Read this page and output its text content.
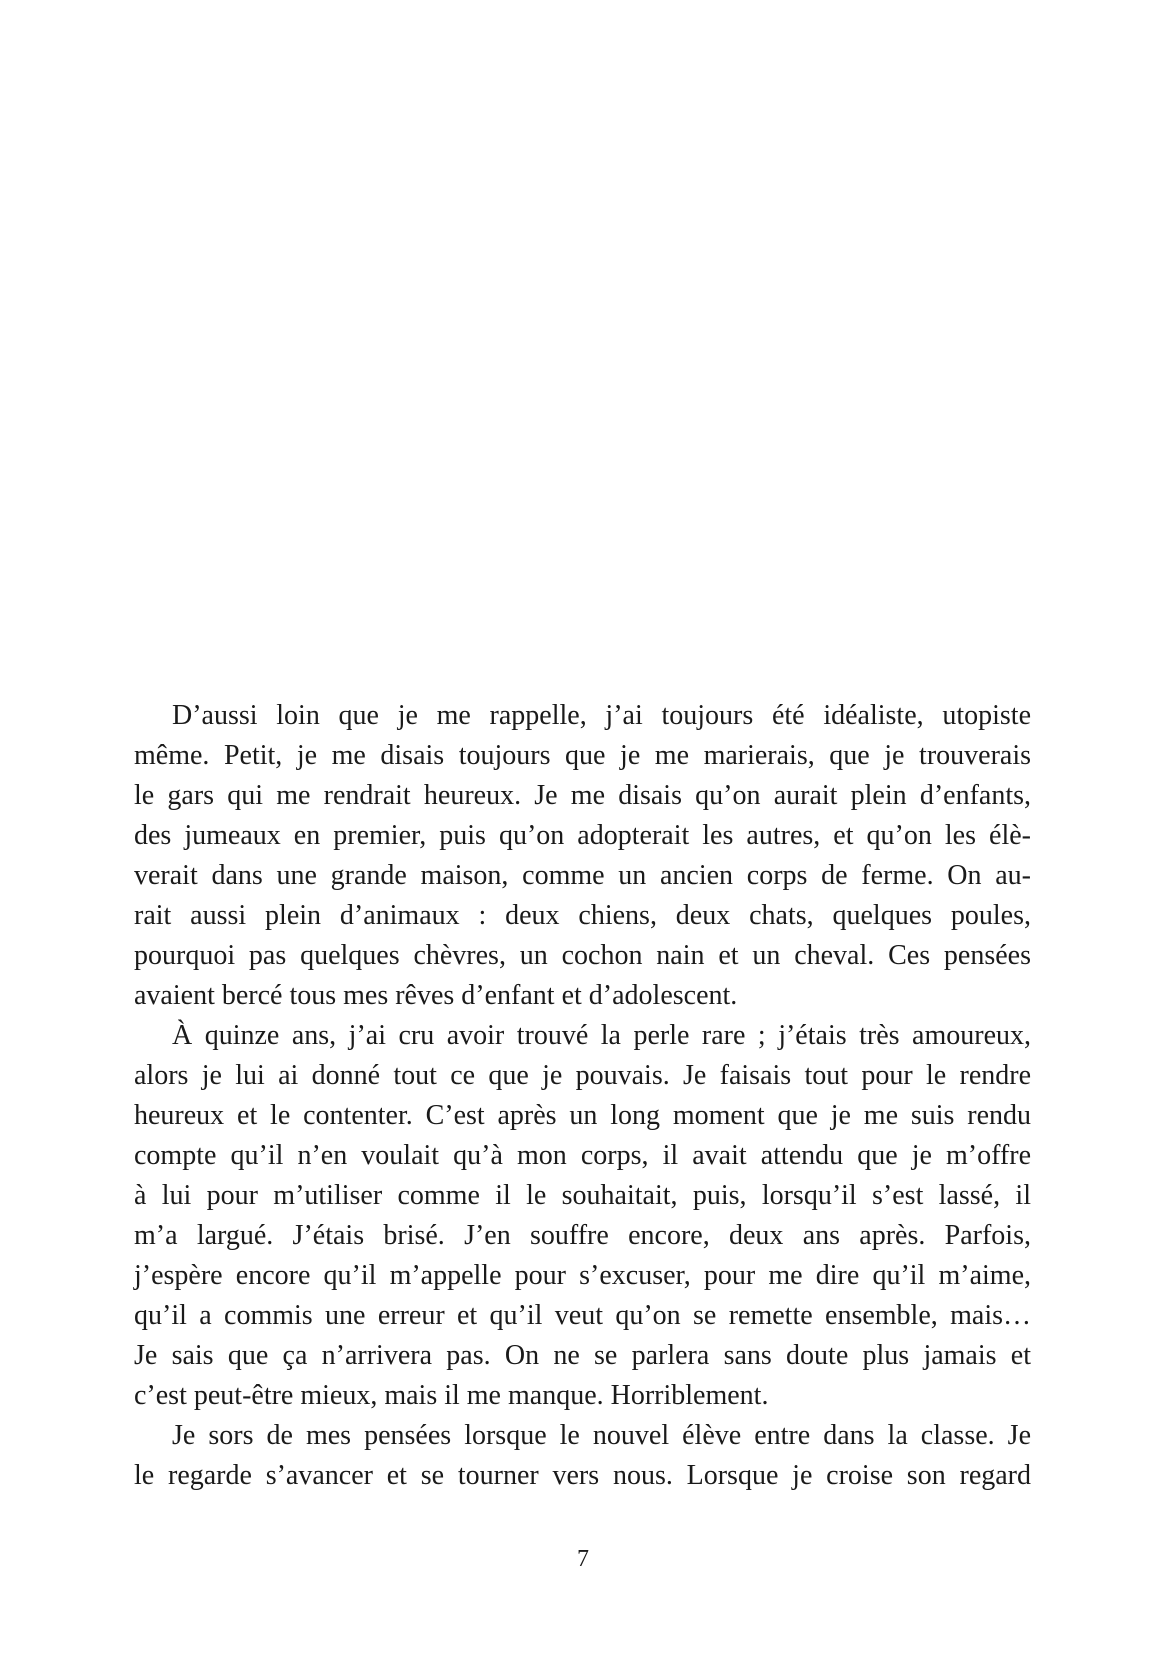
D’aussi loin que je me rappelle, j’ai toujours été idéaliste, utopiste
même. Petit, je me disais toujours que je me marierais, que je trouverais
le gars qui me rendrait heureux. Je me disais qu’on aurait plein d’enfants,
des jumeaux en premier, puis qu’on adopterait les autres, et qu’on les élè-
verait dans une grande maison, comme un ancien corps de ferme. On au-
rait aussi plein d’animaux : deux chiens, deux chats, quelques poules,
pourquoi pas quelques chèvres, un cochon nain et un cheval. Ces pensées
avaient bercé tous mes rêves d’enfant et d’adolescent.
À quinze ans, j’ai cru avoir trouvé la perle rare ; j’étais très amoureux,
alors je lui ai donné tout ce que je pouvais. Je faisais tout pour le rendre
heureux et le contenter. C’est après un long moment que je me suis rendu
compte qu’il n’en voulait qu’à mon corps, il avait attendu que je m’offre
à lui pour m’utiliser comme il le souhaitait, puis, lorsqu’il s’est lassé, il
m’a largué. J’étais brisé. J’en souffre encore, deux ans après. Parfois,
j’espère encore qu’il m’appelle pour s’excuser, pour me dire qu’il m’aime,
qu’il a commis une erreur et qu’il veut qu’on se remette ensemble, mais…
Je sais que ça n’arrivera pas. On ne se parlera sans doute plus jamais et
c’est peut-être mieux, mais il me manque. Horriblement.
Je sors de mes pensées lorsque le nouvel élève entre dans la classe. Je
le regarde s’avancer et se tourner vers nous. Lorsque je croise son regard
7
